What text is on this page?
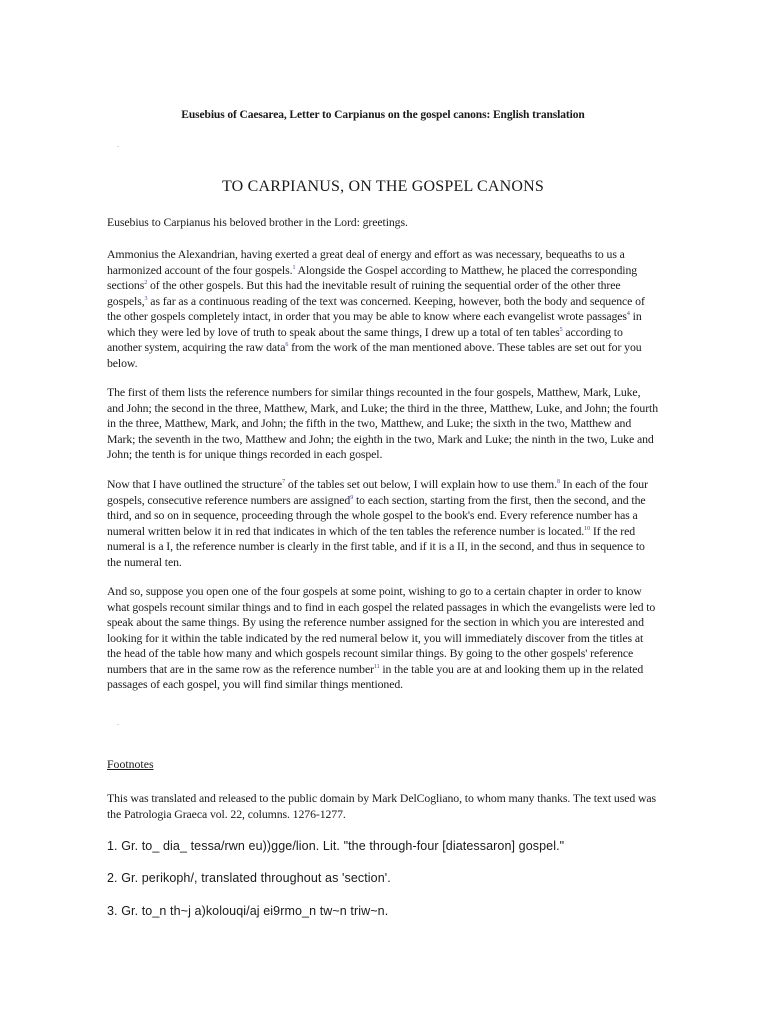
Eusebius of Caesarea, Letter to Carpianus on the gospel canons: English translation
.
TO CARPIANUS, ON THE GOSPEL CANONS

Eusebius to Carpianus his beloved brother in the Lord: greetings.

Ammonius the Alexandrian, having exerted a great deal of energy and effort as was necessary, bequeaths to us a harmonized account of the four gospels.$^1$ Alongside the Gospel according to Matthew, he placed the corresponding sections$^2$ of the other gospels. But this had the inevitable result of ruining the sequential order of the other three gospels,$^3$ as far as a continuous reading of the text was concerned. Keeping, however, both the body and sequence of the other gospels completely intact, in order that you may be able to know where each evangelist wrote passages$^4$ in which they were led by love of truth to speak about the same things, I drew up a total of ten tables$^5$ according to another system, acquiring the raw data$^6$ from the work of the man mentioned above. These tables are set out for you below.

The first of them lists the reference numbers for similar things recounted in the four gospels, Matthew, Mark, Luke, and John; the second in the three, Matthew, Mark, and Luke; the third in the three, Matthew, Luke, and John; the fourth in the three, Matthew, Mark, and John; the fifth in the two, Matthew, and Luke; the sixth in the two, Matthew and Mark; the seventh in the two, Matthew and John; the eighth in the two, Mark and Luke; the ninth in the two, Luke and John; the tenth is for unique things recorded in each gospel.

Now that I have outlined the structure$^7$ of the tables set out below, I will explain how to use them.$^8$ In each of the four gospels, consecutive reference numbers are assigned$^9$ to each section, starting from the first, then the second, and the third, and so on in sequence, proceeding through the whole gospel to the book's end. Every reference number has a numeral written below it in red that indicates in which of the ten tables the reference number is located.$^{10}$ If the red numeral is a I, the reference number is clearly in the first table, and if it is a II, in the second, and thus in sequence to the numeral ten.

And so, suppose you open one of the four gospels at some point, wishing to go to a certain chapter in order to know what gospels recount similar things and to find in each gospel the related passages in which the evangelists were led to speak about the same things. By using the reference number assigned for the section in which you are interested and looking for it within the table indicated by the red numeral below it, you will immediately discover from the titles at the head of the table how many and which gospels recount similar things. By going to the other gospels' reference numbers that are in the same row as the reference number$^{11}$ in the table you are at and looking them up in the related passages of each gospel, you will find similar things mentioned.

.
Footnotes

This was translated and released to the public domain by Mark DelCogliano, to whom many thanks. The text used was the Patrologia Graeca vol. 22, columns. 1276-1277.

1. Gr. to_ dia_ tessa/rwn eu))gge/lion. Lit. "the through-four [diatessaron] gospel."

2. Gr. perikoph/, translated throughout as 'section'.

3. Gr. to_n th~j a)kolouqi/aj ei9rmo_n tw~n triw~n.
